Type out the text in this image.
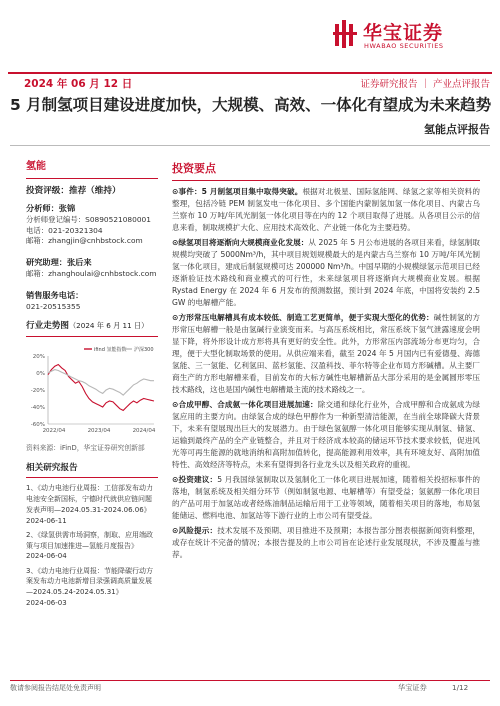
华宝证券
HWABAO SECURITIES
2024 年 06 月 12 日	证券研究报告 ｜ 产业点评报告
5 月制氢项目建设进度加快，大规模、高效、一体化有望成为未来趋势
氢能点评报告
氢能
投资评级：推荐（维持）
分析师：张锦
分析师登记编号：S0890521080001
电话：021-20321304
邮箱：zhangjin@cnhbstock.com
研究助理：张后来
邮箱：zhanghoulai@cnhbstock.com
销售服务电话：
021-20515355
行业走势图（2024 年 6 月 11 日）
20%
0%
-20%
-40%
-60%
ifind 氢能指数 沪深300
2022/04	2023/04	2024/04
资料来源：iFinD，华宝证券研究创新部
相关研究报告
1、《动力电池行业周报：工信部发布动力电池安全新国标，宁德时代就供应链问题发表声明—2024.05.31-2024.06.06》
2024-06-11
2、《绿氢供需市场洞察，制取、应用端政策与项目加速推进—氢能月度报告》
2024-06-04
3、《动力电池行业周报：节能降碳行动方案发布动力电池新增目录强调高质量发展—2024.05.24-2024.05.31》
2024-06-03
投资要点

⊙事件：5 月制氢项目集中取得突破。根据对北极星、国际氢能网、绿氢之家等相关资料的整理，包括冷链 PEM 制氢发电一体化项目、多个国能内蒙制氢加氢一体化项目、内蒙古乌兰察布 10 万吨/年风光制氢一体化项目等在内的 12 个项目取得了进展。从各项目公示的信息来看，制取规模扩大化、应用技术高效化、产业链一体化为主要趋势。

⊙绿氢项目将逐渐向大规模商业化发展：从 2025 年 5 月公布进展的各项目来看，绿氢制取规模均突破了 5000Nm³/h，其中项目规划规模最大的是内蒙古乌兰察布 10 万吨/年风光制氢一体化项目，建成后制氢规模可达 200000 Nm³/h。中国早期的小规模绿氢示范项目已经逐渐验证技术路线和商业模式的可行性，未来绿氢项目将逐渐向大规模商业发展。根据 Rystad Energy 在 2024 年 6 月发布的预测数据，预计到 2024 年底，中国将安装约 2.5 GW 的电解槽产能。

⊙方形常压电解槽具有成本较低、制造工艺更简单，便于实现大型化的优势：碱性制氢的方形常压电解槽一般是由氢碱行业演变而来。与高压系统相比，常压系统下氢气泄露速度会明显下降，将外形设计成方形将具有更好的安全性。此外，方形常压内部流场分布更均匀，合理，便于大型化制取场景的使用。从供应端来看，截至 2024 年 5 月国内已有爱德曼、海德氢能、三一氢能、亿利氢田、蓝杉氢能、汉盈科技、菲尔特等企业布局方形碱槽。从主要厂商生产的方形电解槽来看，目前发布的大标方碱性电解槽新品大部分采用的是金属圆形零压技术路线，这也是国内碱性电解槽最主流的技术路线之一。

⊙合成甲醇、合成氨一体化项目进展加速：除交通和绿化行业外，合成甲醇和合成氨成为绿氢应用的主要方向。由绿氢合成的绿色甲醇作为一种新型清洁能源，在当前全球降碳大背景下，未来有望展现出巨大的发展潜力。由于绿色氢氨醇一体化项目能够实现从制氢、储氢、运输到最终产品的全产业链整合，并且对于经济成本较高的储运环节技术要求较低，促进风光等可再生能源的就地消纳和高附加值转化，提高能源利用效率，具有环境友好、高附加值特性、高效经济等特点，未来有望得到各行业龙头以及相关政府的重视。

⊙投资建议：5 月我国绿氢制取以及氢制化工一体化项目进展加速，随着相关投招标事件的落地，制氢系统及相关细分环节（例如制氢电源、电解槽等）有望受益；氢氨醇一体化项目的产品可用于加氢站或者经炼油制品运输后用于工业等领域，随着相关项目的落地，布局氢能储运、燃料电池、加氢站等下游行业的上市公司有望受益。

⊙风险提示：技术发展不及预期、项目推进不及预期；本报告部分图表根据新闻资料整理，或存在统计不完备的情况；本报告提及的上市公司旨在论述行业发展现状，不涉及覆盖与推荐。

敬请参阅报告结尾处免责声明	华宝证券	1/12
